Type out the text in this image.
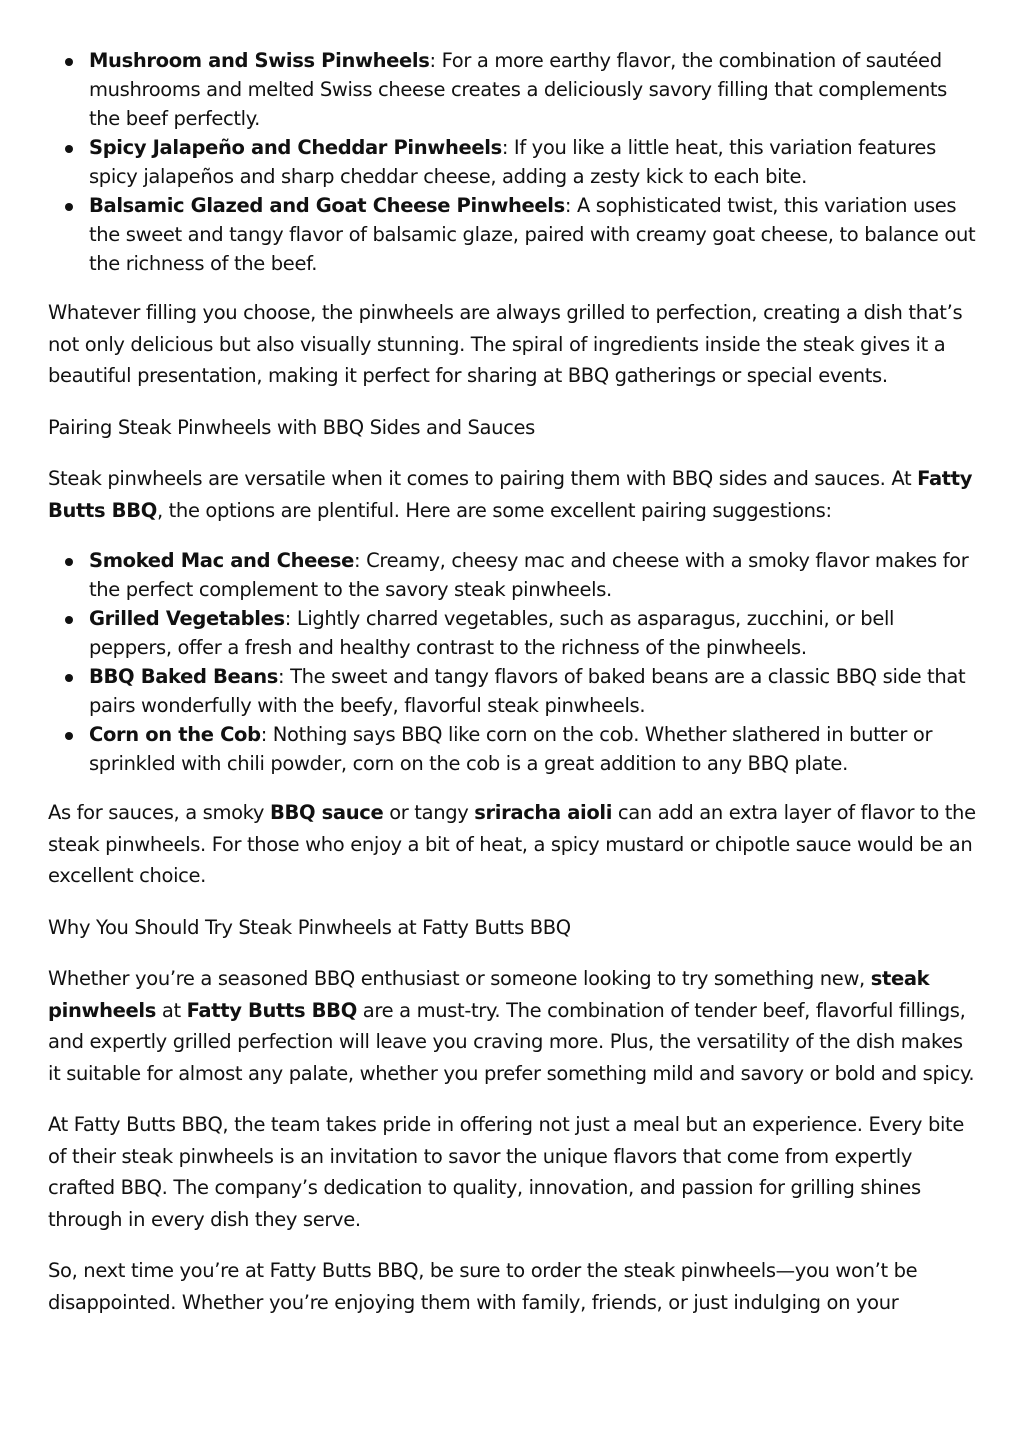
Mushroom and Swiss Pinwheels: For a more earthy flavor, the combination of sautéed mushrooms and melted Swiss cheese creates a deliciously savory filling that complements the beef perfectly.
Spicy Jalapeño and Cheddar Pinwheels: If you like a little heat, this variation features spicy jalapeños and sharp cheddar cheese, adding a zesty kick to each bite.
Balsamic Glazed and Goat Cheese Pinwheels: A sophisticated twist, this variation uses the sweet and tangy flavor of balsamic glaze, paired with creamy goat cheese, to balance out the richness of the beef.

Whatever filling you choose, the pinwheels are always grilled to perfection, creating a dish that’s not only delicious but also visually stunning. The spiral of ingredients inside the steak gives it a beautiful presentation, making it perfect for sharing at BBQ gatherings or special events.

Pairing Steak Pinwheels with BBQ Sides and Sauces

Steak pinwheels are versatile when it comes to pairing them with BBQ sides and sauces. At Fatty Butts BBQ, the options are plentiful. Here are some excellent pairing suggestions:

Smoked Mac and Cheese: Creamy, cheesy mac and cheese with a smoky flavor makes for the perfect complement to the savory steak pinwheels.
Grilled Vegetables: Lightly charred vegetables, such as asparagus, zucchini, or bell peppers, offer a fresh and healthy contrast to the richness of the pinwheels.
BBQ Baked Beans: The sweet and tangy flavors of baked beans are a classic BBQ side that pairs wonderfully with the beefy, flavorful steak pinwheels.
Corn on the Cob: Nothing says BBQ like corn on the cob. Whether slathered in butter or sprinkled with chili powder, corn on the cob is a great addition to any BBQ plate.

As for sauces, a smoky BBQ sauce or tangy sriracha aioli can add an extra layer of flavor to the steak pinwheels. For those who enjoy a bit of heat, a spicy mustard or chipotle sauce would be an excellent choice.

Why You Should Try Steak Pinwheels at Fatty Butts BBQ

Whether you’re a seasoned BBQ enthusiast or someone looking to try something new, steak pinwheels at Fatty Butts BBQ are a must-try. The combination of tender beef, flavorful fillings, and expertly grilled perfection will leave you craving more. Plus, the versatility of the dish makes it suitable for almost any palate, whether you prefer something mild and savory or bold and spicy.

At Fatty Butts BBQ, the team takes pride in offering not just a meal but an experience. Every bite of their steak pinwheels is an invitation to savor the unique flavors that come from expertly crafted BBQ. The company’s dedication to quality, innovation, and passion for grilling shines through in every dish they serve.

So, next time you’re at Fatty Butts BBQ, be sure to order the steak pinwheels—you won’t be disappointed. Whether you’re enjoying them with family, friends, or just indulging on your
